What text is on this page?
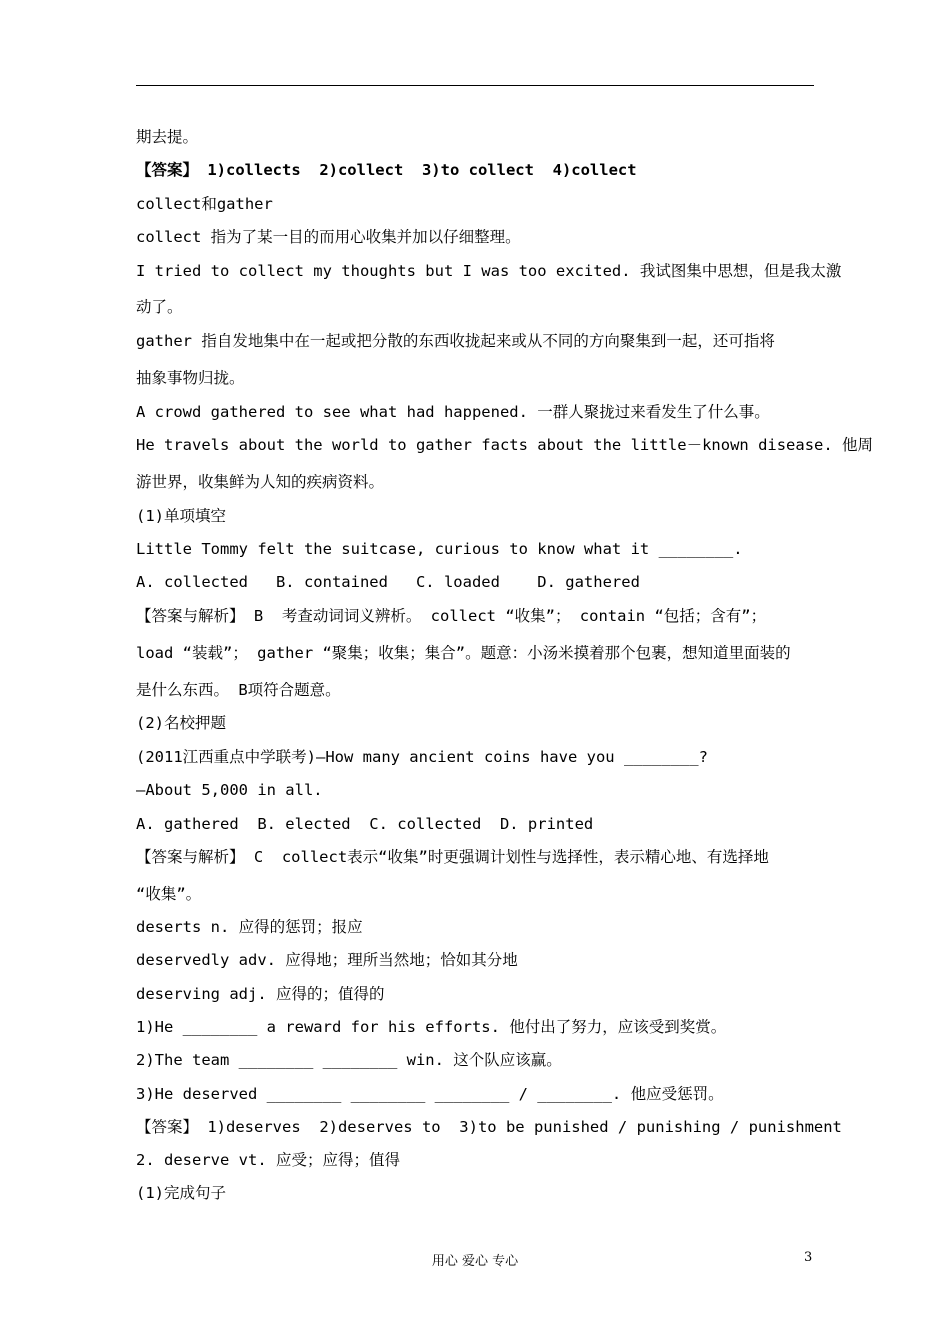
期去提。

【答案】 1)collects  2)collect  3)to collect  4)collect

collect和gather

collect 指为了某一目的而用心收集并加以仔细整理。

I tried to collect my thoughts but I was too excited. 我试图集中思想，但是我太激

动了。

gather 指自发地集中在一起或把分散的东西收拢起来或从不同的方向聚集到一起，还可指将

抽象事物归拢。

A crowd gathered to see what had happened. 一群人聚拢过来看发生了什么事。

He travels about the world to gather facts about the little－known disease. 他周

游世界，收集鲜为人知的疾病资料。

(1)单项填空

Little Tommy felt the suitcase, curious to know what it ________.

A. collected   B. contained   C. loaded    D. gathered

【答案与解析】 B  考查动词词义辨析。 collect “收集”； contain “包括；含有”；

load “装载”； gather “聚集；收集；集合”。题意：小汤米摸着那个包裹，想知道里面装的

是什么东西。 B项符合题意。

(2)名校押题

(2011江西重点中学联考)—How many ancient coins have you ________?

—About 5,000 in all.

A. gathered  B. elected  C. collected  D. printed

【答案与解析】 C  collect表示“收集”时更强调计划性与选择性，表示精心地、有选择地

“收集”。

deserts n. 应得的惩罚；报应

deservedly adv. 应得地；理所当然地；恰如其分地

deserving adj. 应得的；值得的

1)He ________ a reward for his efforts. 他付出了努力，应该受到奖赏。

2)The team ________ ________ win. 这个队应该赢。

3)He deserved ________ ________ ________ / ________. 他应受惩罚。

【答案】 1)deserves  2)deserves to  3)to be punished / punishing / punishment

2. deserve vt. 应受；应得；值得

(1)完成句子

用心 爱心 专心	3
